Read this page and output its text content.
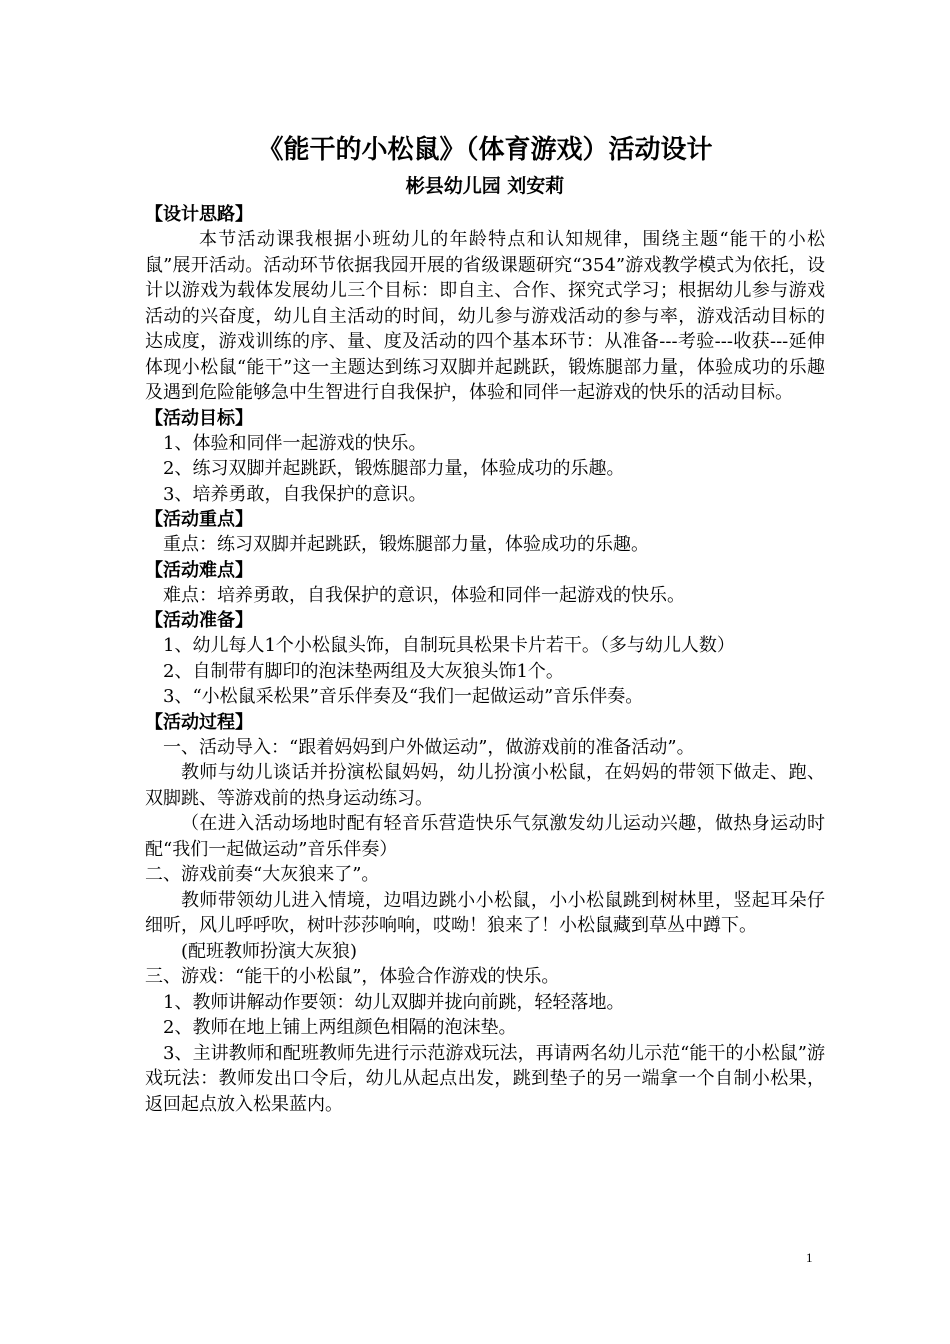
《能干的小松鼠》（体育游戏）活动设计

彬县幼儿园 刘安莉

【设计思路】

本节活动课我根据小班幼儿的年龄特点和认知规律，围绕主题“能干的小松鼠”展开活动。活动环节依据我园开展的省级课题研究“354”游戏教学模式为依托，设计以游戏为载体发展幼儿三个目标：即自主、合作、探究式学习；根据幼儿参与游戏活动的兴奋度，幼儿自主活动的时间，幼儿参与游戏活动的参与率，游戏活动目标的达成度，游戏训练的序、量、度及活动的四个基本环节：从准备---考验---收获---延伸体现小松鼠“能干”这一主题达到练习双脚并起跳跃，锻炼腿部力量，体验成功的乐趣及遇到危险能够急中生智进行自我保护，体验和同伴一起游戏的快乐的活动目标。

【活动目标】

1、体验和同伴一起游戏的快乐。

2、练习双脚并起跳跃，锻炼腿部力量，体验成功的乐趣。

3、培养勇敢，自我保护的意识。

【活动重点】

重点：练习双脚并起跳跃，锻炼腿部力量，体验成功的乐趣。

【活动难点】

难点：培养勇敢，自我保护的意识，体验和同伴一起游戏的快乐。

【活动准备】

1、幼儿每人1个小松鼠头饰，自制玩具松果卡片若干。（多与幼儿人数）

2、自制带有脚印的泡沫垫两组及大灰狼头饰1个。

3、“小松鼠采松果”音乐伴奏及“我们一起做运动”音乐伴奏。

【活动过程】

一、活动导入：“跟着妈妈到户外做运动”，做游戏前的准备活动”。

教师与幼儿谈话并扮演松鼠妈妈，幼儿扮演小松鼠，在妈妈的带领下做走、跑、双脚跳、等游戏前的热身运动练习。

（在进入活动场地时配有轻音乐营造快乐气氛激发幼儿运动兴趣，做热身运动时配“我们一起做运动”音乐伴奏）

二、游戏前奏“大灰狼来了”。

教师带领幼儿进入情境，边唱边跳小小松鼠，小小松鼠跳到树林里，竖起耳朵仔细听，风儿呼呼吹，树叶莎莎响响，哎呦！狼来了！小松鼠藏到草丛中蹲下。

(配班教师扮演大灰狼)

三、游戏：“能干的小松鼠”，体验合作游戏的快乐。

1、教师讲解动作要领：幼儿双脚并拢向前跳，轻轻落地。

2、教师在地上铺上两组颜色相隔的泡沫垫。

3、主讲教师和配班教师先进行示范游戏玩法，再请两名幼儿示范“能干的小松鼠”游戏玩法：教师发出口令后，幼儿从起点出发，跳到垫子的另一端拿一个自制小松果，返回起点放入松果蓝内。

1
